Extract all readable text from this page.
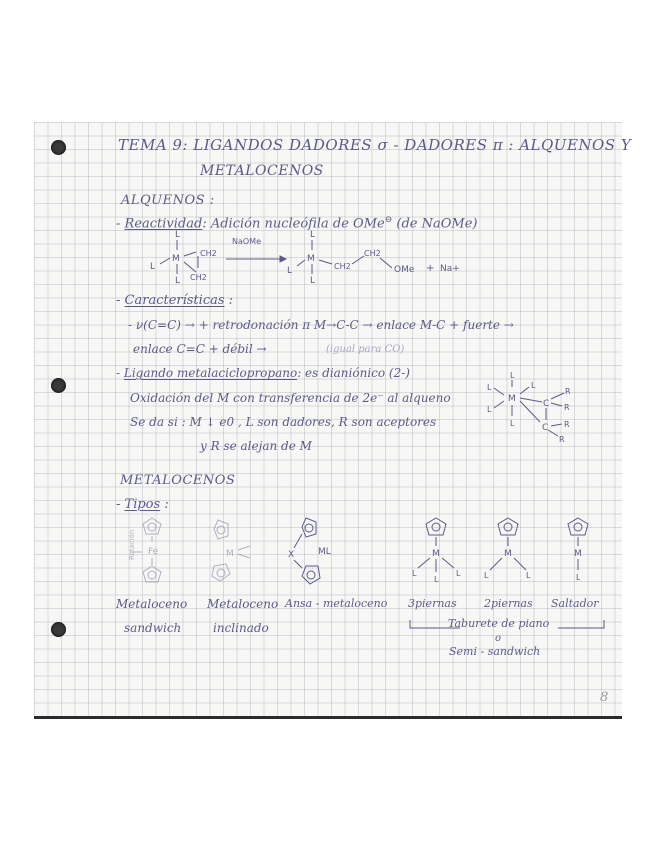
TEMA 9: LIGANDOS DADORES σ - DADORES π : ALQUENOS Y
METALOCENOS
ALQUENOS :
- Reactividad: Adición nucleófila de OMe⊖ (de NaOMe)
L
M
L
L
CH2
CH2
NaOMe
L
M
L
L
CH2
CH2
OMe + Na+
- Características :
- ν(C=C) → + retrodonación π M→C-C → enlace M-C + fuerte →
enlace C=C + débil →	(igual para CO)
- Ligando metalaciclopropano: es dianiónico (2-)
Oxidación del M con transferencia de 2e⁻ al alqueno
Se da si : M ↓ e0 , L son dadores, R son aceptores
y R se alejan de M
L
L	L
M
L
L
C
C
R
R
R
R
METALOCENOS
- Tipos :
Fe
Rotación	M	X	ML	M
L	L
L
M
L	L
M
L
Metaloceno
sandwich
Metaloceno
inclinado
Ansa - metaloceno 3piernas 2piernas Saltador
Taburete de piano
o
Semi - sandwich
8
